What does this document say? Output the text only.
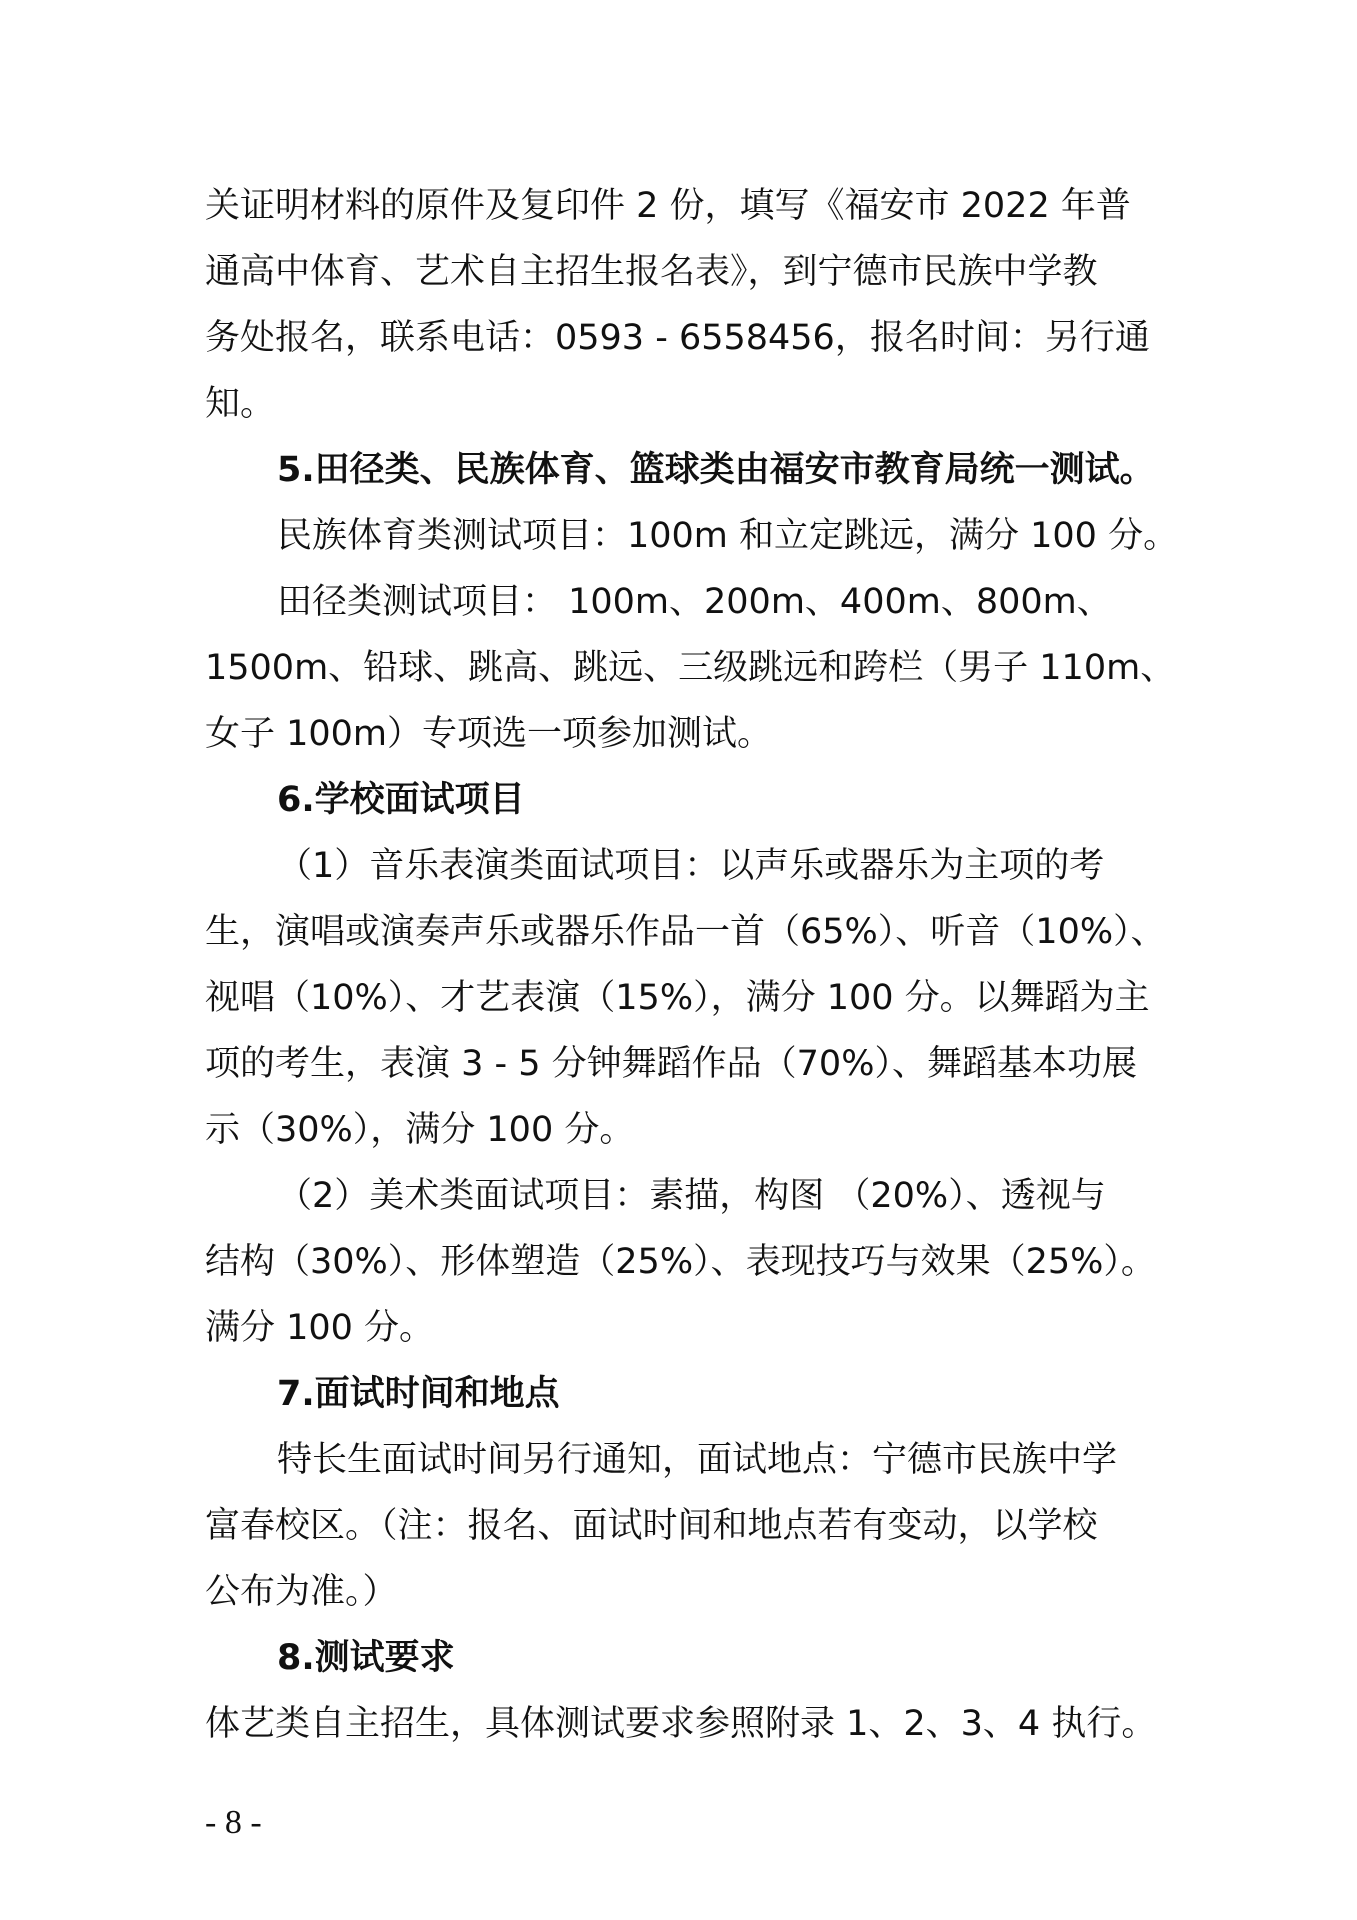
关证明材料的原件及复印件 2 份，填写《福安市 2022 年普
通高中体育、艺术自主招生报名表》，到宁德市民族中学教
务处报名，联系电话：0593 - 6558456，报名时间：另行通
知。
5.田径类、民族体育、篮球类由福安市教育局统一测试。
民族体育类测试项目：100m 和立定跳远，满分 100 分。
田径类测试项目： 100m、200m、400m、800m、
1500m、铅球、跳高、跳远、三级跳远和跨栏（男子 110m、
女子 100m）专项选一项参加测试。
6.学校面试项目
（1）音乐表演类面试项目：以声乐或器乐为主项的考
生，演唱或演奏声乐或器乐作品一首（65%）、听音（10%）、
视唱（10%）、才艺表演（15%），满分 100 分。以舞蹈为主
项的考生，表演 3 - 5 分钟舞蹈作品（70%）、舞蹈基本功展
示（30%），满分 100 分。
（2）美术类面试项目：素描，构图 （20%）、透视与
结构（30%）、形体塑造（25%）、表现技巧与效果（25%）。
满分 100 分。
7.面试时间和地点
特长生面试时间另行通知，面试地点：宁德市民族中学
富春校区。（注：报名、面试时间和地点若有变动，以学校
公布为准。）
8.测试要求
体艺类自主招生，具体测试要求参照附录 1、2、3、4 执行。
- 8 -
